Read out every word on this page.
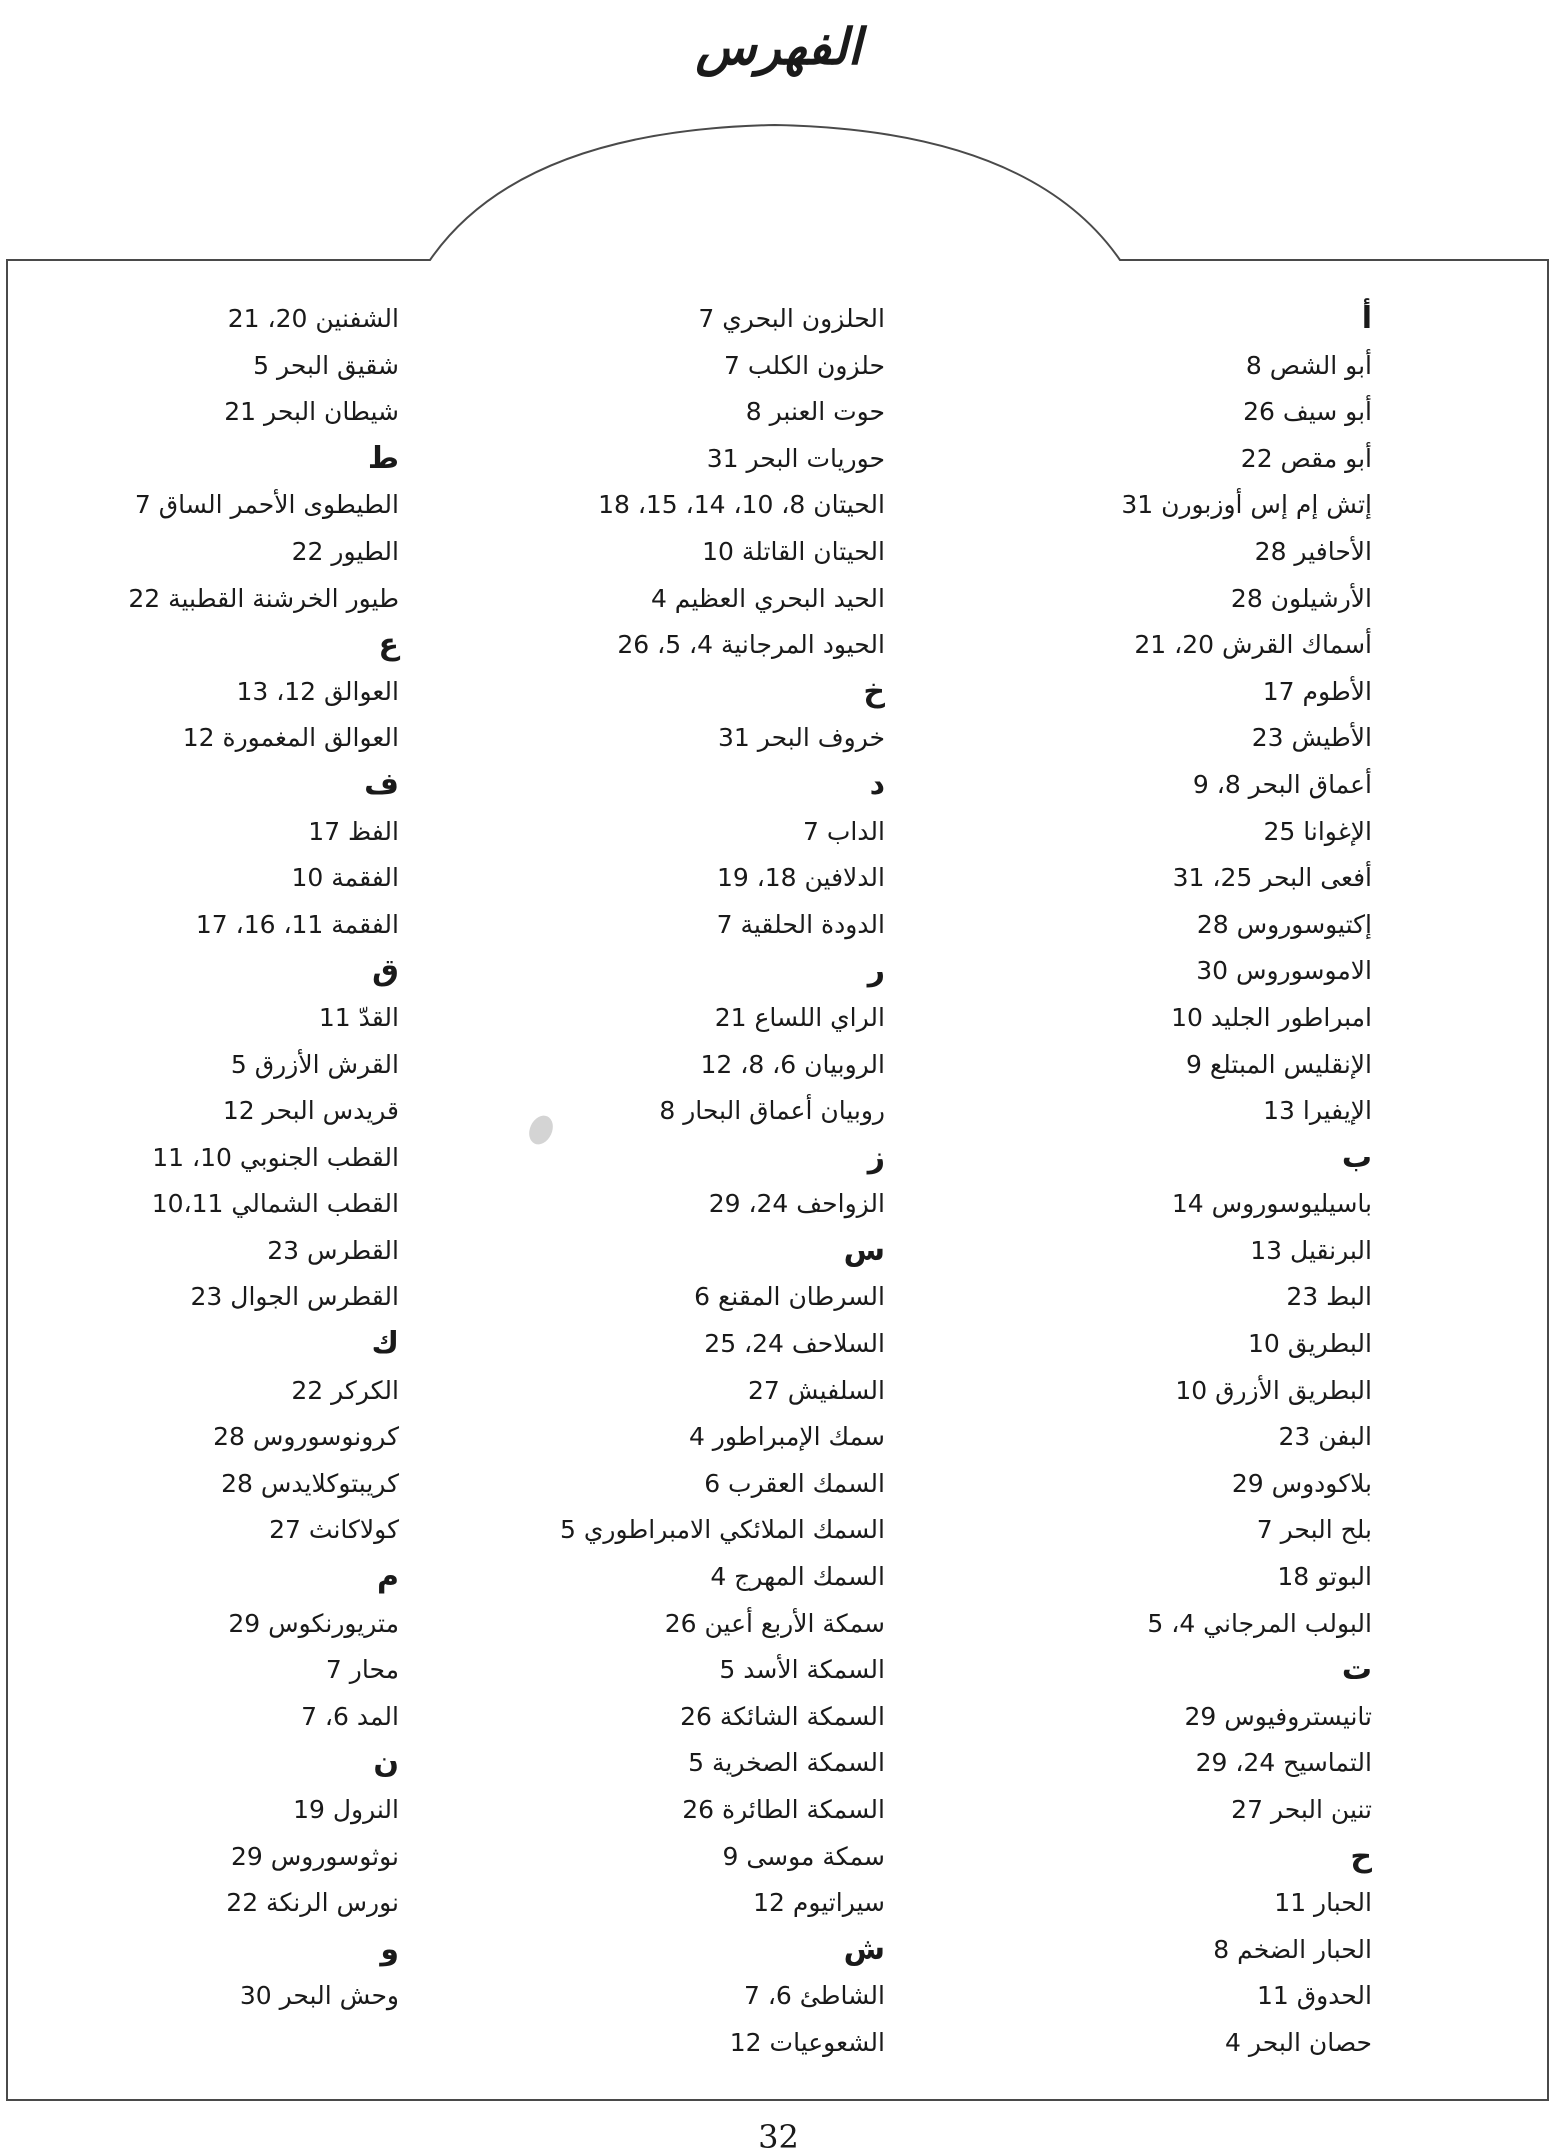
الفهرس
أ
أبو الشص 8
أبو سيف 26
أبو مقص 22
إتش إم إس أوزبورن 31
الأحافير 28
الأرشيلون 28
أسماك القرش 20، 21
الأطوم 17
الأطيش 23
أعماق البحر 8، 9
الإغوانا 25
أفعى البحر 25، 31
إكتيوسوروس 28
الاموسوروس 30
امبراطور الجليد 10
الإنقليس المبتلع 9
الإيفيرا 13
ب
باسيليوسوروس 14
البرنقيل 13
البط 23
البطريق 10
البطريق الأزرق 10
البفن 23
بلاكودوس 29
بلح البحر 7
البوتو 18
البولب المرجاني 4، 5
ت
تانيستروفيوس 29
التماسيح 24، 29
تنين البحر 27
ح
الحبار 11
الحبار الضخم 8
الحدوق 11
حصان البحر 4
الحلزون البحري 7
حلزون الكلب 7
حوت العنبر 8
حوريات البحر 31
الحيتان 8، 10، 14، 15، 18
الحيتان القاتلة 10
الحيد البحري العظيم 4
الحيود المرجانية 4، 5، 26
خ
خروف البحر 31
د
الداب 7
الدلافين 18، 19
الدودة الحلقية 7
ر
الراي اللساع 21
الروبيان 6، 8، 12
روبيان أعماق البحار 8
ز
الزواحف 24، 29
س
السرطان المقنع 6
السلاحف 24، 25
السلفيش 27
سمك الإمبراطور 4
السمك العقرب 6
السمك الملائكي الامبراطوري 5
السمك المهرج 4
سمكة الأربع أعين 26
السمكة الأسد 5
السمكة الشائكة 26
السمكة الصخرية 5
السمكة الطائرة 26
سمكة موسى 9
سيراتيوم 12
ش
الشاطئ 6، 7
الشعوعيات 12
الشفنين 20، 21
شقيق البحر 5
شيطان البحر 21
ط
الطيطوى الأحمر الساق 7
الطيور 22
طيور الخرشنة القطبية 22
ع
العوالق 12، 13
العوالق المغمورة 12
ف
الفظ 17
الفقمة 10
الفقمة 11، 16، 17
ق
القدّ 11
القرش الأزرق 5
قريدس البحر 12
القطب الجنوبي 10، 11
القطب الشمالي 10،11
القطرس 23
القطرس الجوال 23
ك
الكركر 22
كرونوسوروس 28
كريبتوكلايدس 28
كولاكانث 27
م
متريورنكوس 29
محار 7
المد 6، 7
ن
النرول 19
نوثوسوروس 29
نورس الرنكة 22
و
وحش البحر 30
32
